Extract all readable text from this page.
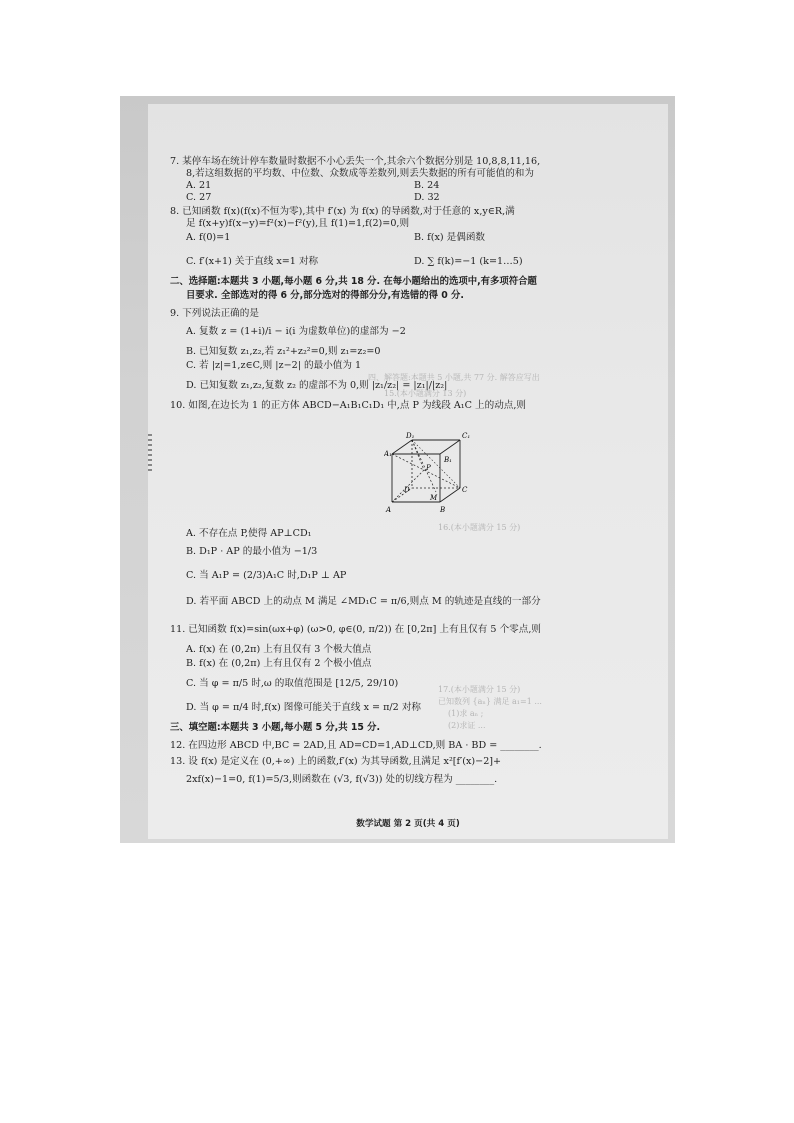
四、解答题:本题共 5 小题,共 77 分. 解答应写出
15.(本小题满分 13 分)
16.(本小题满分 15 分)
17.(本小题满分 15 分)
已知数列 {aₙ} 满足 a₁=1 ...
(1)求 aₙ ;
(2)求证 ...
7. 某停车场在统计停车数量时数据不小心丢失一个,其余六个数据分别是 10,8,8,11,16,
8,若这组数据的平均数、中位数、众数成等差数列,则丢失数据的所有可能值的和为
A. 21	B. 24
C. 27	D. 32
8. 已知函数 f(x)(f(x)不恒为零),其中 f′(x) 为 f(x) 的导函数,对于任意的 x,y∈R,满
足 f(x+y)f(x−y)=f²(x)−f²(y),且 f(1)=1,f(2)=0,则
A. f(0)=1	B. f(x) 是偶函数
C. f′(x+1) 关于直线 x=1 对称	D. ∑ f(k)=−1 (k=1…5)
二、选择题:本题共 3 小题,每小题 6 分,共 18 分. 在每小题给出的选项中,有多项符合题
目要求. 全部选对的得 6 分,部分选对的得部分分,有选错的得 0 分.
9. 下列说法正确的是
A. 复数 z = (1+i)/i − i(i 为虚数单位)的虚部为 −2
B. 已知复数 z₁,z₂,若 z₁²+z₂²=0,则 z₁=z₂=0
C. 若 |z|=1,z∈C,则 |z−2| 的最小值为 1
D. 已知复数 z₁,z₂,复数 z₂ 的虚部不为 0,则 |z₁/z₂| = |z₁|/|z₂|
10. 如图,在边长为 1 的正方体 ABCD−A₁B₁C₁D₁ 中,点 P 为线段 A₁C 上的动点,则
D₁	C₁
A₁
B₁
P
D	C
M
A	B
A. 不存在点 P,使得 AP⊥CD₁
B. D₁P · AP 的最小值为 −1/3
C. 当 A₁P = (2/3)A₁C 时,D₁P ⊥ AP
D. 若平面 ABCD 上的动点 M 满足 ∠MD₁C = π/6,则点 M 的轨迹是直线的一部分
11. 已知函数 f(x)=sin(ωx+φ) (ω>0, φ∈(0, π/2)) 在 [0,2π] 上有且仅有 5 个零点,则
A. f(x) 在 (0,2π) 上有且仅有 3 个极大值点
B. f(x) 在 (0,2π) 上有且仅有 2 个极小值点
C. 当 φ = π/5 时,ω 的取值范围是 [12/5, 29/10)
D. 当 φ = π/4 时,f(x) 图像可能关于直线 x = π/2 对称
三、填空题:本题共 3 小题,每小题 5 分,共 15 分.
12. 在四边形 ABCD 中,BC = 2AD,且 AD=CD=1,AD⊥CD,则 BA · BD = ________.
13. 设 f(x) 是定义在 (0,+∞) 上的函数,f′(x) 为其导函数,且满足 x²[f′(x)−2]+
2xf(x)−1=0, f(1)=5/3,则函数在 (√3, f(√3)) 处的切线方程为 ________.
数学试题 第 2 页(共 4 页)
